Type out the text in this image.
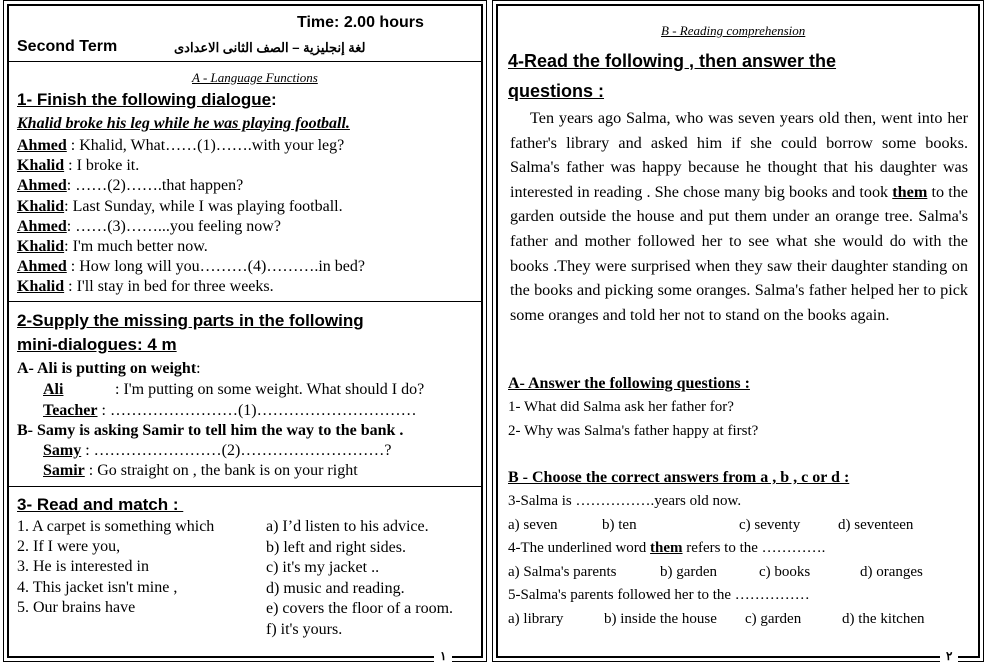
Time: 2.00 hours
Second Term	لغة إنجليزية – الصف الثانى الاعدادى
A - Language Functions
1- Finish the following dialogue:
Khalid broke his leg while he was playing football.
Ahmed : Khalid, What……(1)…….with your leg?
Khalid : I broke it.
Ahmed: ……(2)…….that happen?
Khalid: Last Sunday, while I was playing football.
Ahmed: ……(3)……...you feeling now?
Khalid: I'm much better now.
Ahmed : How long will you………(4)……….in bed?
Khalid : I'll stay in bed for three weeks.
2-Supply the missing parts in the following
mini-dialogues: 4 m
A- Ali is putting on weight:
Ali	: I'm putting on some weight. What should I do?
Teacher : ……………………(1)…………………………
B- Samy is asking Samir to tell him the way to the bank .
Samy : ……………………(2)………………………?
Samir : Go straight on , the bank is on your right
3- Read and match :
1. A carpet is something which
2. If I were you,
3. He is interested in
4. This jacket isn't mine ,
5. Our brains have
a) I’d listen to his advice.
b) left and right sides.
c) it's my jacket ..
d) music and reading.
e) covers the floor of a room.
f) it's yours.
١
B - Reading comprehension
4-Read the following , then answer the
questions :
Ten years ago Salma, who was seven years old then, went into her father's library and asked him if she could borrow some books. Salma's father was happy because he thought that his daughter was interested in reading . She chose many big books and took them to the garden outside the house and put them under an orange tree. Salma's father and mother followed her to see what she would do with the books .They were surprised when they saw their daughter standing on the books and picking some oranges. Salma's father helped her to pick some oranges and told her not to stand on the books again.
A- Answer the following questions :
1- What did Salma ask her father for?
2- Why was Salma's father happy at first?
B - Choose the correct answers from a , b , c or d :
3-Salma is …………….years old now.
a) seven	b) ten	c) seventy	d) seventeen
4-The underlined word them refers to the ………….
a) Salma's parents	b) garden	c) books	d) oranges
5-Salma's parents followed her to the ……………
a) library	b) inside the house c) garden	d) the kitchen
٢
